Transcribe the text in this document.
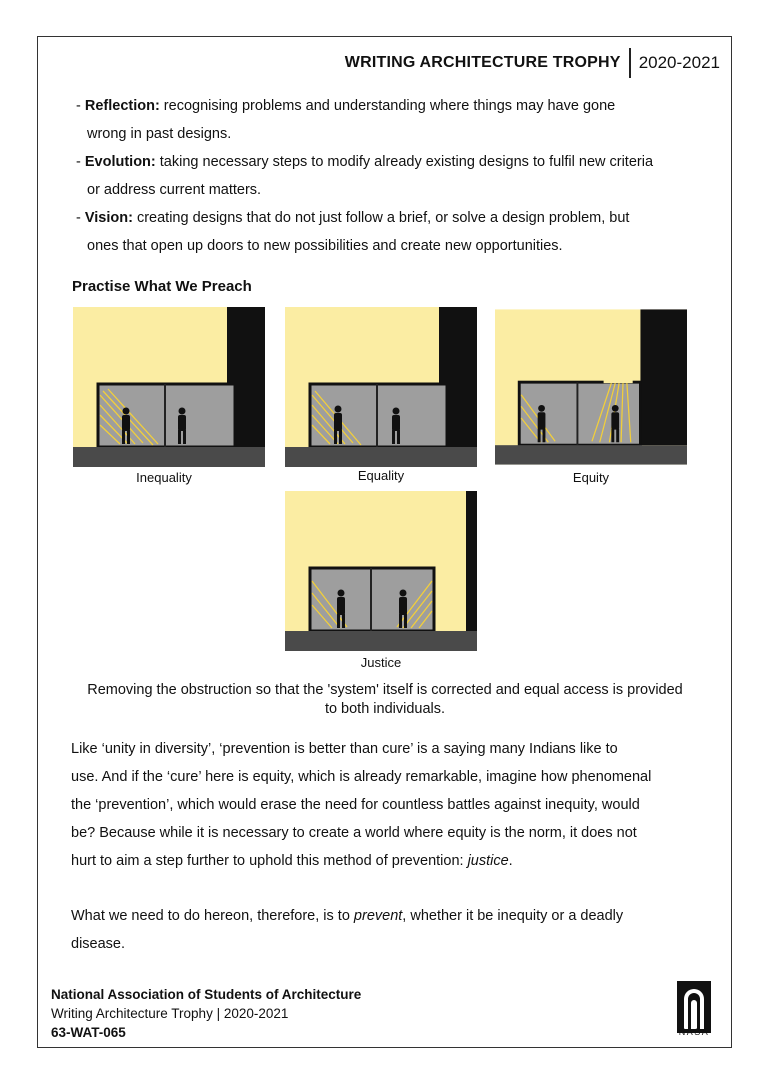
WRITING ARCHITECTURE TROPHY 2020-2021

- Reflection: recognising problems and understanding where things may have gone
wrong in past designs.

- Evolution: taking necessary steps to modify already existing designs to fulfil new criteria
or address current matters.

- Vision: creating designs that do not just follow a brief, or solve a design problem, but
ones that open up doors to new possibilities and create new opportunities.

Practise What We Preach
Inequality	Equality	Equity
Justice
Removing the obstruction so that the 'system' itself is corrected and equal access is provided to both individuals.
Like ‘unity in diversity’, ‘prevention is better than cure’ is a saying many Indians like to
use. And if the ‘cure’ here is equity, which is already remarkable, imagine how phenomenal
the ‘prevention’, which would erase the need for countless battles against inequity, would
be? Because while it is necessary to create a world where equity is the norm, it does not
hurt to aim a step further to uphold this method of prevention: justice.
What we need to do hereon, therefore, is to prevent, whether it be inequity or a deadly
disease.
National Association of Students of Architecture
Writing Architecture Trophy | 2020-2021
63-WAT-065	NASA
